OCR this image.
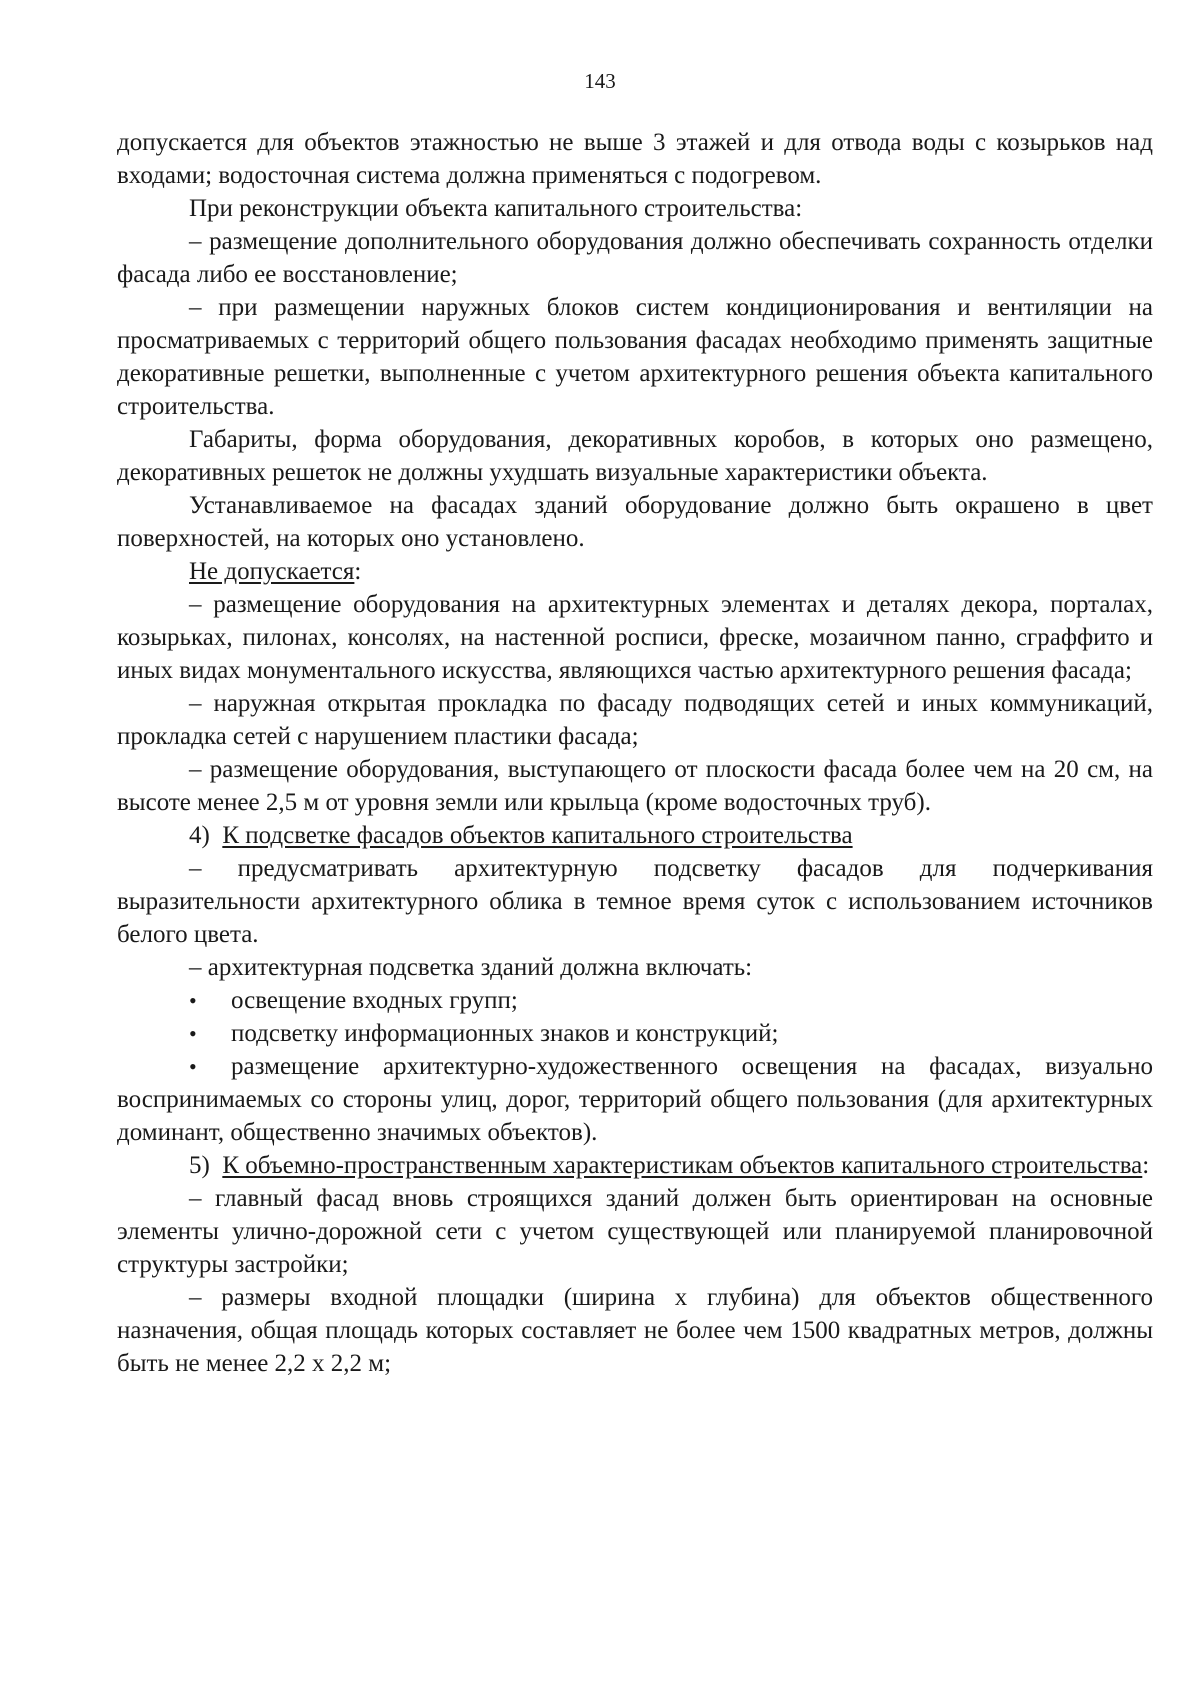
143

допускается для объектов этажностью не выше 3 этажей и для отвода воды с козырьков над входами; водосточная система должна применяться с подогревом.

При реконструкции объекта капитального строительства:

– размещение дополнительного оборудования должно обеспечивать сохранность отделки фасада либо ее восстановление;

– при размещении наружных блоков систем кондиционирования и вентиляции на просматриваемых с территорий общего пользования фасадах необходимо применять защитные декоративные решетки, выполненные с учетом архитектурного решения объекта капитального строительства.

Габариты, форма оборудования, декоративных коробов, в которых оно размещено, декоративных решеток не должны ухудшать визуальные характеристики объекта.

Устанавливаемое на фасадах зданий оборудование должно быть окрашено в цвет поверхностей, на которых оно установлено.

Не допускается:

– размещение оборудования на архитектурных элементах и деталях декора, порталах, козырьках, пилонах, консолях, на настенной росписи, фреске, мозаичном панно, сграффито и иных видах монументального искусства, являющихся частью архитектурного решения фасада;

– наружная открытая прокладка по фасаду подводящих сетей и иных коммуникаций, прокладка сетей с нарушением пластики фасада;

– размещение оборудования, выступающего от плоскости фасада более чем на 20 см, на высоте менее 2,5 м от уровня земли или крыльца (кроме водосточных труб).

4) К подсветке фасадов объектов капитального строительства

– предусматривать архитектурную подсветку фасадов для подчеркивания выразительности архитектурного облика в темное время суток с использованием источников белого цвета.

– архитектурная подсветка зданий должна включать:

•	освещение входных групп;
•	подсветку информационных знаков и конструкций;

• размещение архитектурно-художественного освещения на фасадах, визуально воспринимаемых со стороны улиц, дорог, территорий общего пользования (для архитектурных доминант, общественно значимых объектов).

5) К объемно-пространственным характеристикам объектов капитального строительства:

– главный фасад вновь строящихся зданий должен быть ориентирован на основные элементы улично-дорожной сети с учетом существующей или планируемой планировочной структуры застройки;

– размеры входной площадки (ширина х глубина) для объектов общественного назначения, общая площадь которых составляет не более чем 1500 квадратных метров, должны быть не менее 2,2 х 2,2 м;
